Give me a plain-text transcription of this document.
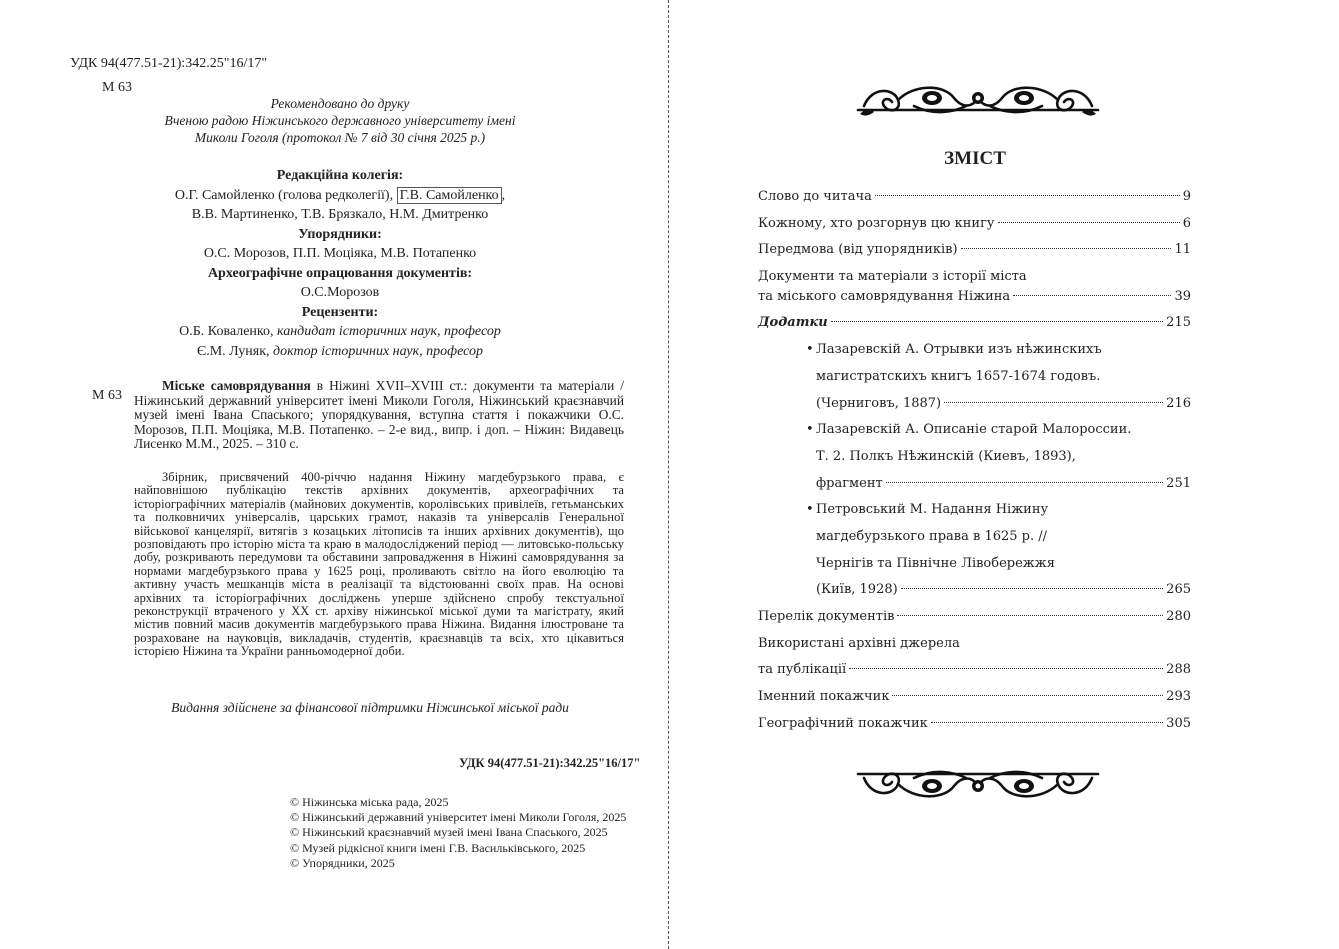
УДК 94(477.51-21):342.25"16/17"
М 63
Рекомендовано до друку
Вченою радою Ніжинського державного університету імені
Миколи Гоголя (протокол № 7 від 30 січня 2025 р.)
Редакційна колегія:
О.Г. Самойленко (голова редколегії), Г.В. Самойленко ,
В.В. Мартиненко, Т.В. Брязкало, Н.М. Дмитренко
Упорядники:
О.С. Морозов, П.П. Моціяка, М.В. Потапенко
Археографічне опрацювання документів:
О.С.Морозов
Рецензенти:
О.Б. Коваленко, кандидат історичних наук, професор
Є.М. Луняк, доктор історичних наук, професор
М 63
Міське самоврядування в Ніжині XVII–XVIII ст.: документи та матеріали /Ніжинський державний університет імені Миколи Гоголя, Ніжинський краєзнавчий музей імені Івана Спаського; упорядкування, вступна стаття і покажчики О.С. Морозов, П.П. Моціяка, М.В. Потапенко. – 2-е вид., випр. і доп. – Ніжин: Видавець Лисенко М.М., 2025. – 310 с.
Збірник, присвячений 400-річчю надання Ніжину магдебурзького права, є найповнішою публікацію текстів архівних документів, археографічних та історіографічних матеріалів (майнових документів, королівських привілеїв, гетьманських та полковничих універсалів, царських грамот, наказів та універсалів Генеральної військової канцелярії, витягів з козацьких літописів та інших архівних документів), що розповідають про історію міста та краю в малодосліджений період — литовсько-польську добу, розкривають передумови та обставини запровадження в Ніжині самоврядування за нормами магдебурзького права у 1625 році, проливають світло на його еволюцію та активну участь мешканців міста в реалізації та відстоюванні своїх прав. На основі архівних та історіографічних досліджень уперше здійснено спробу текстуальної реконструкції втраченого у ХХ ст. архіву ніжинської міської думи та магістрату, який містив повний масив документів магдебурзького права Ніжина. Видання ілюстроване та розраховане на науковців, викладачів, студентів, краєзнавців та всіх, хто цікавиться історією Ніжина та України ранньомодерної доби.
Видання здійснене за фінансової підтримки Ніжинської міської ради
УДК 94(477.51-21):342.25"16/17"
© Ніжинська міська рада, 2025
© Ніжинський державний університет імені Миколи Гоголя, 2025
© Ніжинський краєзнавчий музей імені Івана Спаського, 2025
© Музей рідкісної книги імені Г.В. Васильківського, 2025
© Упорядники, 2025
ЗМІСТ
Слово до читача	9
Кожному, хто розгорнув цю книгу	6
Передмова (від упорядників)	11
Документи та матеріали з історії міста
та міського самоврядування Ніжина	39
Додатки	215
• Лазаревскій А. Отрывки изъ нѣжинскихъ
магистратскихъ книгъ 1657-1674 годовъ.
(Черниговъ, 1887)	216
• Лазаревскій А. Описаніе старой Малороссии.
Т. 2. Полкъ Нѣжинскій (Киевъ, 1893),
фрагмент	251
• Петровський М. Надання Ніжину
магдебурзького права в 1625 р. //
Чернігів та Північне Лівобережжя
(Київ, 1928)	265
Перелік документів	280
Використані архівні джерела
та публікації	288
Іменний покажчик	293
Географічний покажчик	305
